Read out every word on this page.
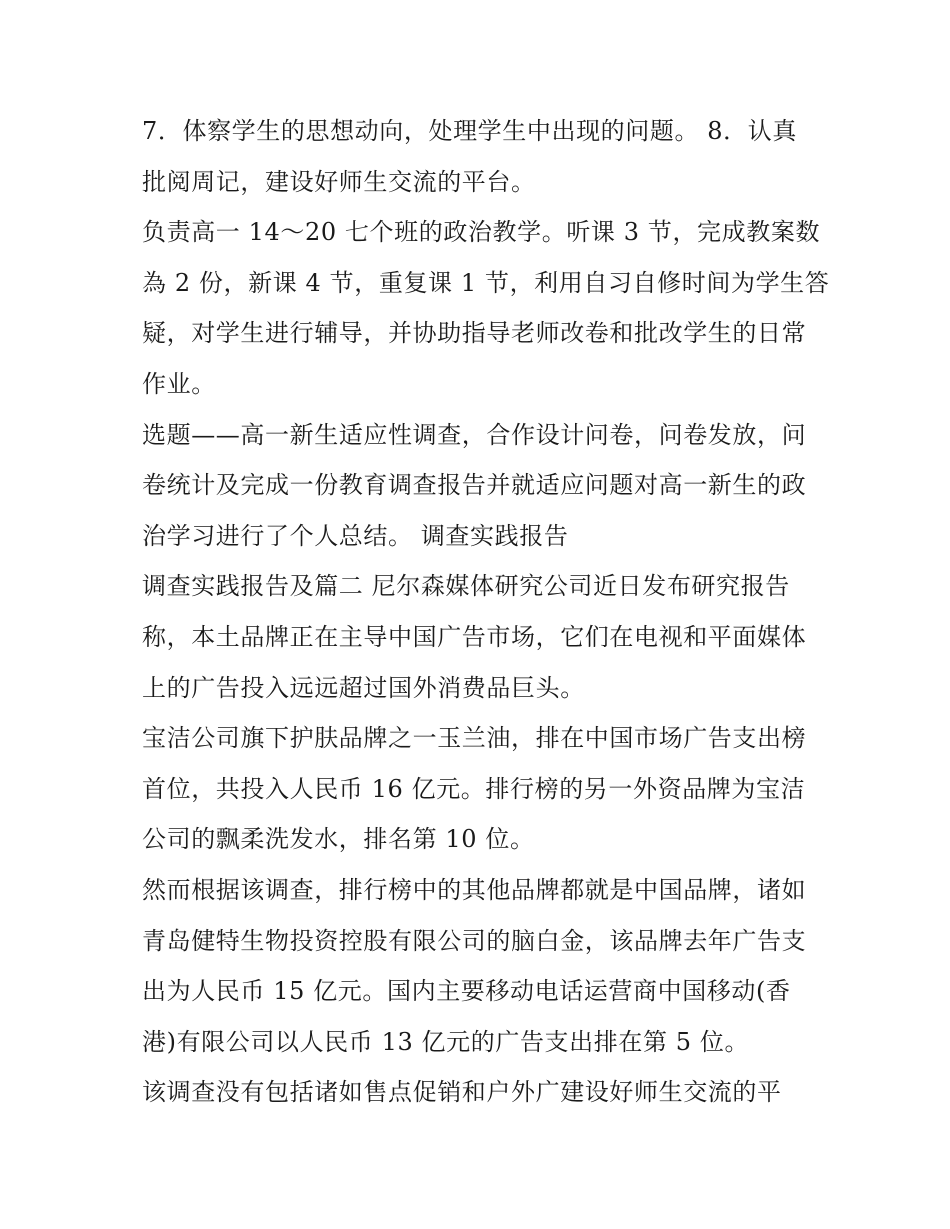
7．体察学生的思想动向，处理学生中出现的问题。 8．认真

批阅周记，建设好师生交流的平台。

负责高一 14～20 七个班的政治教学。听课 3 节，完成教案数

為 2 份，新课 4 节，重复课 1 节，利用自习自修时间为学生答

疑，对学生进行辅导，并协助指导老师改卷和批改学生的日常

作业。

选题——高一新生适应性调查，合作设计问卷，问卷发放，问

卷统计及完成一份教育调查报告并就适应问题对高一新生的政

治学习进行了个人总结。 调查实践报告

调查实践报告及篇二 尼尔森媒体研究公司近日发布研究报告

称，本土品牌正在主导中国广告市场，它们在电视和平面媒体

上的广告投入远远超过国外消费品巨头。

宝洁公司旗下护肤品牌之一玉兰油，排在中国市场广告支出榜

首位，共投入人民币 16 亿元。排行榜的另一外资品牌为宝洁

公司的飘柔洗发水，排名第 10 位。

然而根据该调查，排行榜中的其他品牌都就是中国品牌，诸如

青岛健特生物投资控股有限公司的脑白金，该品牌去年广告支

出为人民币 15 亿元。国内主要移动电话运营商中国移动(香

港)有限公司以人民币 13 亿元的广告支出排在第 5 位。

该调查没有包括诸如售点促销和户外广建设好师生交流的平
